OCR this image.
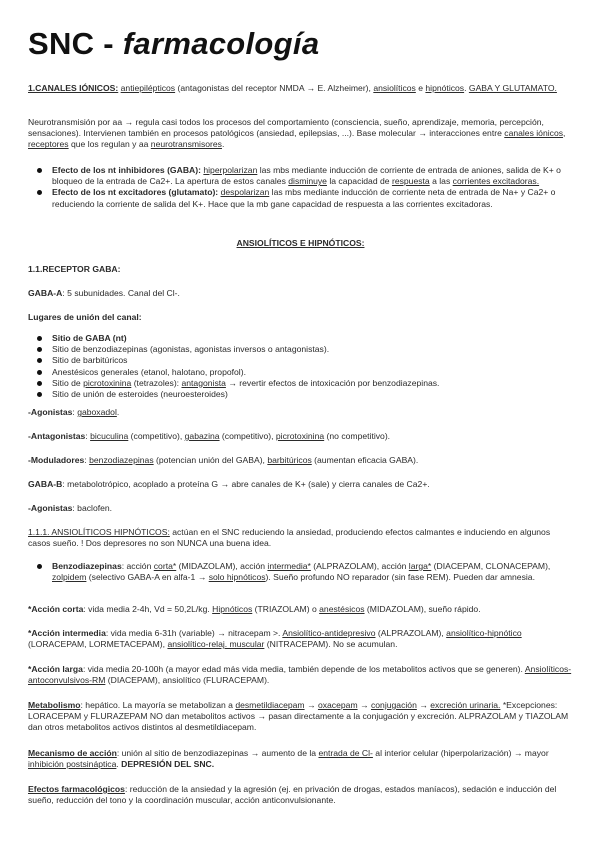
SNC - farmacología
1.CANALES IÓNICOS: antiepilépticos (antagonistas del receptor NMDA → E. Alzheimer), ansiolíticos e hipnóticos. GABA Y GLUTAMATO.
Neurotransmisión por aa → regula casi todos los procesos del comportamiento (consciencia, sueño, aprendizaje, memoria, percepción, sensaciones). Intervienen también en procesos patológicos (ansiedad, epilepsias, ...). Base molecular → interacciones entre canales iónicos, receptores que los regulan y aa neurotransmisores.
Efecto de los nt inhibidores (GABA): hiperpolarizan las mbs mediante inducción de corriente de entrada de aniones, salida de K+ o bloqueo de la entrada de Ca2+. La apertura de estos canales disminuye la capacidad de respuesta a las corrientes excitadoras.
Efecto de los nt excitadores (glutamato): despolarizan las mbs mediante inducción de corriente neta de entrada de Na+ y Ca2+ o reduciendo la corriente de salida del K+. Hace que la mb gane capacidad de respuesta a las corrientes excitadoras.
ANSIOLÍTICOS E HIPNÓTICOS:
1.1.RECEPTOR GABA:
GABA-A: 5 subunidades. Canal del Cl-.
Lugares de unión del canal:
Sitio de GABA (nt)
Sitio de benzodiazepinas (agonistas, agonistas inversos o antagonistas).
Sitio de barbitúricos
Anestésicos generales (etanol, halotano, propofol).
Sitio de picrotoxinina (tetrazoles): antagonista → revertir efectos de intoxicación por benzodiazepinas.
Sitio de unión de esteroides (neuroesteroides)
-Agonistas: gaboxadol.
-Antagonistas: bicuculina (competitivo), gabazina (competitivo), picrotoxinina (no competitivo).
-Moduladores: benzodiazepinas (potencian unión del GABA), barbitúricos (aumentan eficacia GABA).
GABA-B: metabolotrópico, acoplado a proteína G → abre canales de K+ (sale) y cierra canales de Ca2+.
-Agonistas: baclofen.
1.1.1. ANSIOLÍTICOS HIPNÓTICOS: actúan en el SNC reduciendo la ansiedad, produciendo efectos calmantes e induciendo en algunos casos sueño. ! Dos depresores no son NUNCA una buena idea.
Benzodiazepinas: acción corta* (MIDAZOLAM), acción intermedia* (ALPRAZOLAM), acción larga* (DIACEPAM, CLONACEPAM), zolpidem (selectivo GABA-A en alfa-1 → solo hipnóticos). Sueño profundo NO reparador (sin fase REM). Pueden dar amnesia.
*Acción corta: vida media 2-4h, Vd = 50,2L/kg. Hipnóticos (TRIAZOLAM) o anestésicos (MIDAZOLAM), sueño rápido.
*Acción intermedia: vida media 6-31h (variable) → nitracepam >. Ansiolítico-antidepresivo (ALPRAZOLAM), ansiolítico-hipnótico (LORACEPAM, LORMETACEPAM), ansiolítico-relaj. muscular (NITRACEPAM). No se acumulan.
*Acción larga: vida media 20-100h (a mayor edad más vida media, también depende de los metabolitos activos que se generen). Ansiolíticos-antoconvulsivos-RM (DIACEPAM), ansiolítico (FLURACEPAM).
Metabolismo: hepático. La mayoría se metabolizan a desmetildiacepam → oxacepam → conjugación → excreción urinaria. *Excepciones: LORACEPAM y FLURAZEPAM NO dan metabolitos activos → pasan directamente a la conjugación y excreción. ALPRAZOLAM y TIAZOLAM dan otros metabolitos activos distintos al desmetildiacepam.
Mecanismo de acción: unión al sitio de benzodiazepinas → aumento de la entrada de Cl- al interior celular (hiperpolarización) → mayor inhibición postsináptica. DEPRESIÓN DEL SNC.
Efectos farmacológicos: reducción de la ansiedad y la agresión (ej. en privación de drogas, estados maníacos), sedación e inducción del sueño, reducción del tono y la coordinación muscular, acción anticonvulsionante.
